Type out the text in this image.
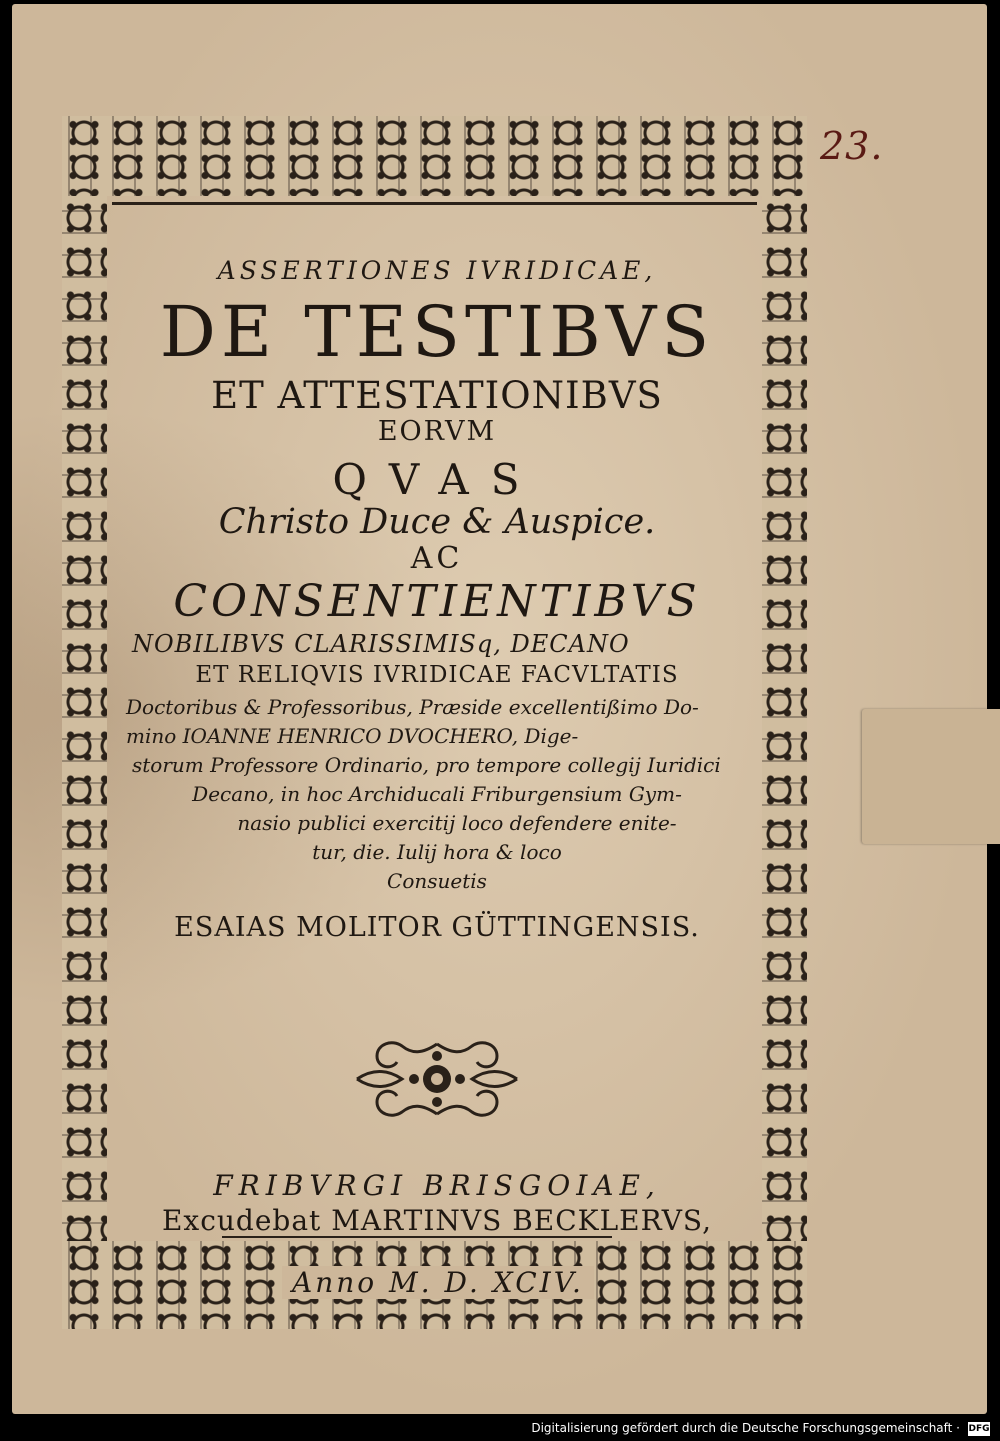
23.
ASSERTIONES IVRIDICAE,
DE TESTIBVS
ET ATTESTATIONIBVS
EORVM
QVAS
Christo Duce & Auspice.
AC
CONSENTIENTIBVS
NOBILIBVS CLARISSIMISq, DECANO
ET RELIQVIS IVRIDICAE FACVLTATIS
Doctoribus & Professoribus, Præside excellentißimo Do-
mino IOANNE HENRICO DVOCHERO, Dige-
storum Professore Ordinario, pro tempore collegij Iuridici
Decano, in hoc Archiducali Friburgensium Gym-
nasio publici exercitij loco defendere enite-
tur, die. Iulij hora & loco
Consuetis
ESAIAS MOLITOR GÜTTINGENSIS.
FRIBVRGI BRISGOIAE,
Excudebat MARTINVS BECKLERVS,
Anno M. D. XCIV.
Digitalisierung gefördert durch die Deutsche Forschungsgemeinschaft · DFG
